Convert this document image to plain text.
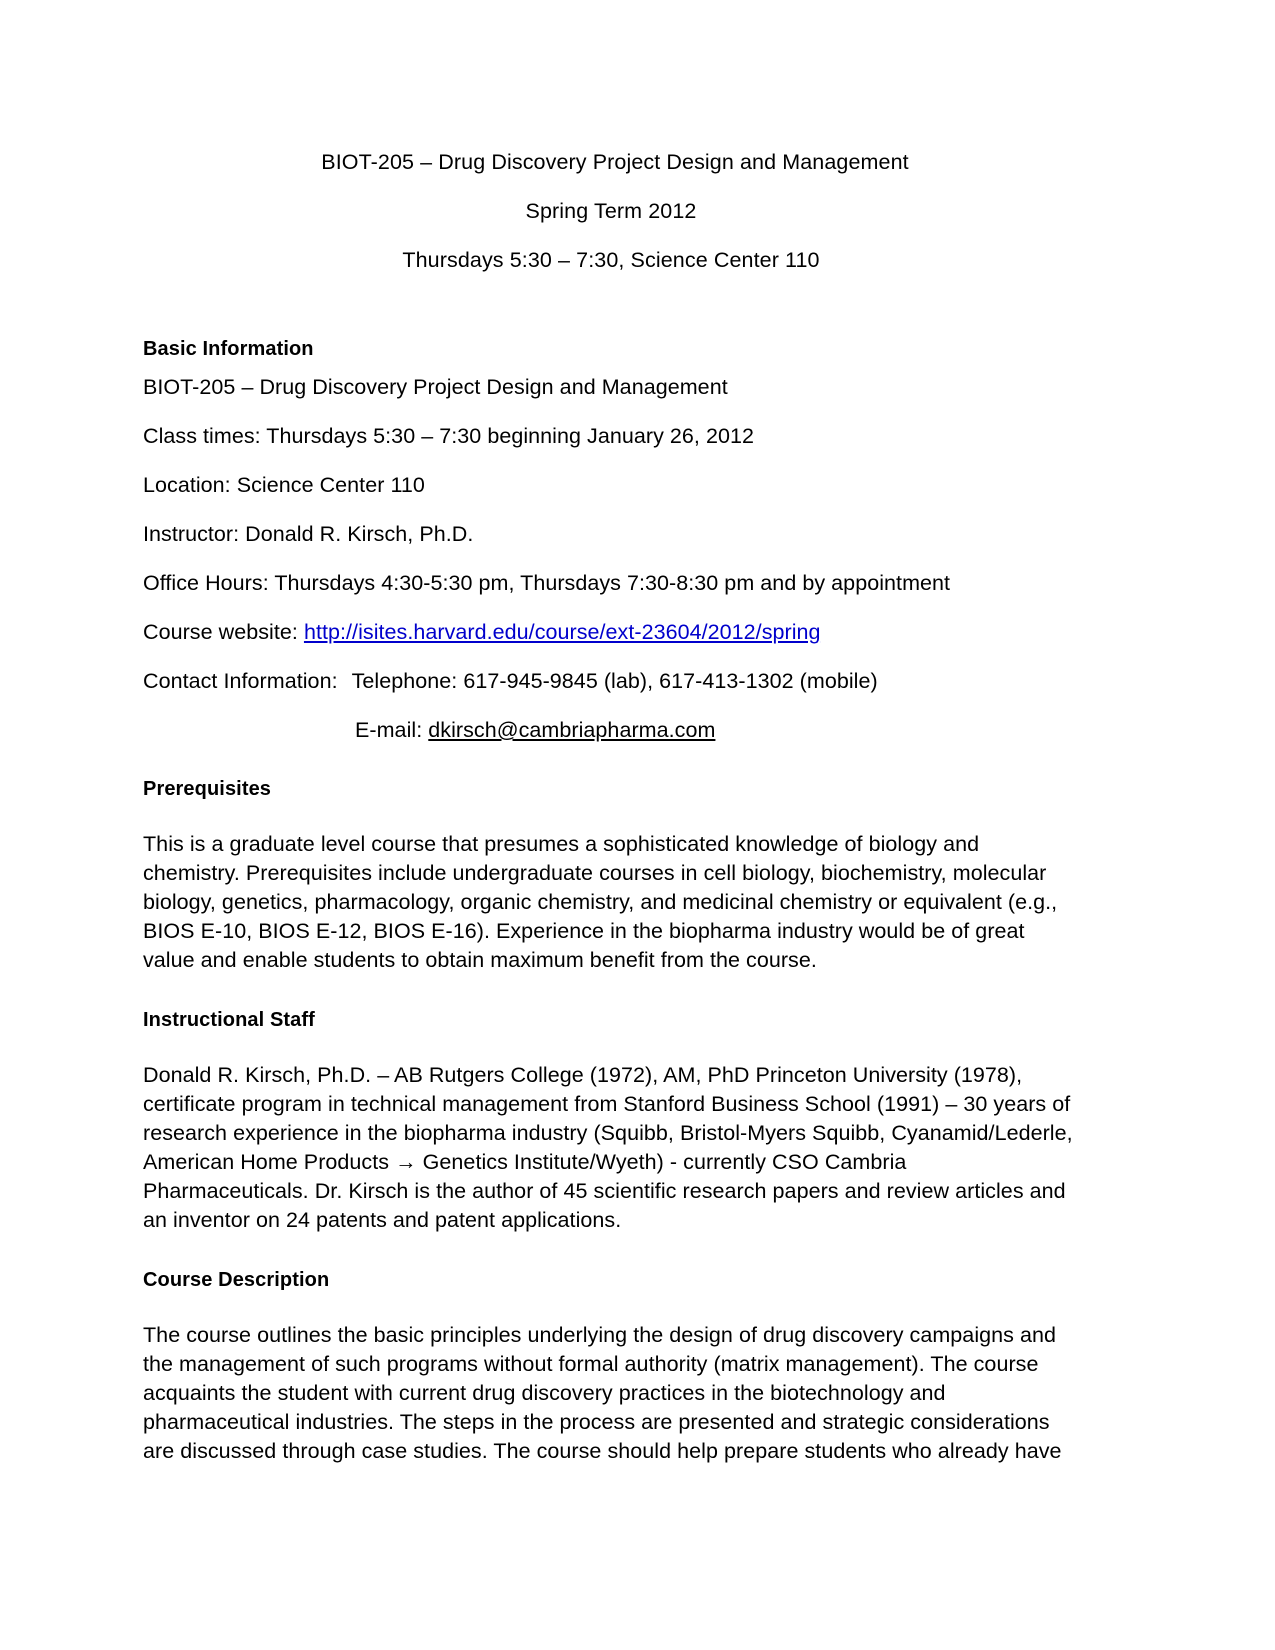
BIOT-205 – Drug Discovery Project Design and Management
Spring Term 2012
Thursdays 5:30 – 7:30, Science Center 110
Basic Information
BIOT-205 – Drug Discovery Project Design and Management
Class times: Thursdays 5:30 – 7:30 beginning January 26, 2012
Location: Science Center 110
Instructor: Donald R. Kirsch, Ph.D.
Office Hours: Thursdays 4:30-5:30 pm, Thursdays 7:30-8:30 pm and by appointment
Course website: http://isites.harvard.edu/course/ext-23604/2012/spring
Contact Information: Telephone: 617-945-9845 (lab), 617-413-1302 (mobile)
E-mail: dkirsch@cambriapharma.com
Prerequisites

This is a graduate level course that presumes a sophisticated knowledge of biology and chemistry. Prerequisites include undergraduate courses in cell biology, biochemistry, molecular biology, genetics, pharmacology, organic chemistry, and medicinal chemistry or equivalent (e.g., BIOS E-10, BIOS E-12, BIOS E-16). Experience in the biopharma industry would be of great value and enable students to obtain maximum benefit from the course.

Instructional Staff

Donald R. Kirsch, Ph.D. – AB Rutgers College (1972), AM, PhD Princeton University (1978), certificate program in technical management from Stanford Business School (1991) – 30 years of research experience in the biopharma industry (Squibb, Bristol-Myers Squibb, Cyanamid/Lederle, American Home Products → Genetics Institute/Wyeth) - currently CSO Cambria Pharmaceuticals. Dr. Kirsch is the author of 45 scientific research papers and review articles and an inventor on 24 patents and patent applications.

Course Description

The course outlines the basic principles underlying the design of drug discovery campaigns and the management of such programs without formal authority (matrix management). The course acquaints the student with current drug discovery practices in the biotechnology and pharmaceutical industries. The steps in the process are presented and strategic considerations are discussed through case studies. The course should help prepare students who already have
